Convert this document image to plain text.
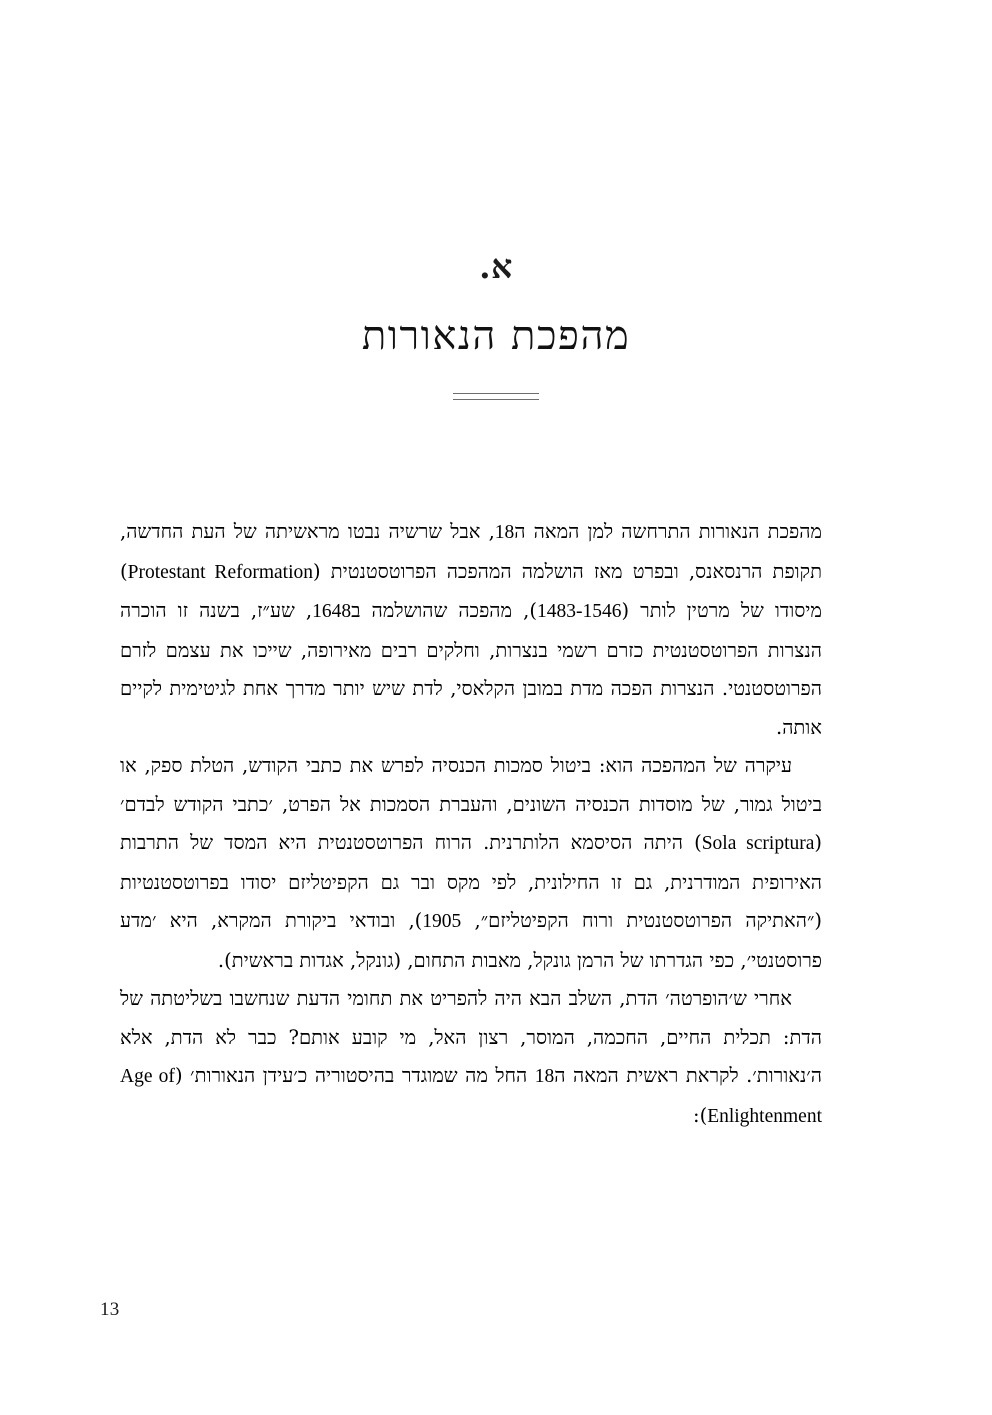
א.
מהפכת הנאורות

מהפכת הנאורות התרחשה למן המאה ה18, אבל שרשיה נבטו מראשיתה של העת החדשה, תקופת הרנסאנס, ובפרט מאז הושלמה המהפכה הפרוטסטנטית (Protestant Reformation) מיסודו של מרטין לותר (1483-1546), מהפכה שהושלמה ב1648, שע״ז, בשנה זו הוכרה הנצרות הפרוטסטנטית כזרם רשמי בנצרות, וחלקים רבים מאירופה, שייכו את עצמם לזרם הפרוטסטנטי. הנצרות הפכה מדת במובן הקלאסי, לדת שיש יותר מדרך אחת לגיטימית לקיים אותה.

עיקרה של המהפכה הוא: ביטול סמכות הכנסיה לפרש את כתבי הקודש, הטלת ספק, או ביטול גמור, של מוסדות הכנסיה השונים, והעברת הסמכות אל הפרט, ׳כתבי הקודש לבדם׳ (Sola scriptura) היתה הסיסמא הלותרנית. הרוח הפרוטסטנטית היא המסד של התרבות האירופית המודרנית, גם זו החילונית, לפי מקס ובר גם הקפיטליזם יסודו בפרוטסטנטיות (״האתיקה הפרוטסטנטית ורוח הקפיטליזם״, 1905), ובודאי ביקורת המקרא, היא ׳מדע פרוסטנטי׳, כפי הגדרתו של הרמן גונקל, מאבות התחום, (גונקל, אגדות בראשית).

אחרי ש׳הופרטה׳ הדת, השלב הבא היה להפריט את תחומי הדעת שנחשבו בשליטתה של הדת: תכלית החיים, החכמה, המוסר, רצון האל, מי קובע אותם? כבר לא הדת, אלא ה׳נאורות׳. לקראת ראשית המאה ה18 החל מה שמוגדר בהיסטוריה כ׳עידן הנאורות׳ (Age of Enlightenment):

13
